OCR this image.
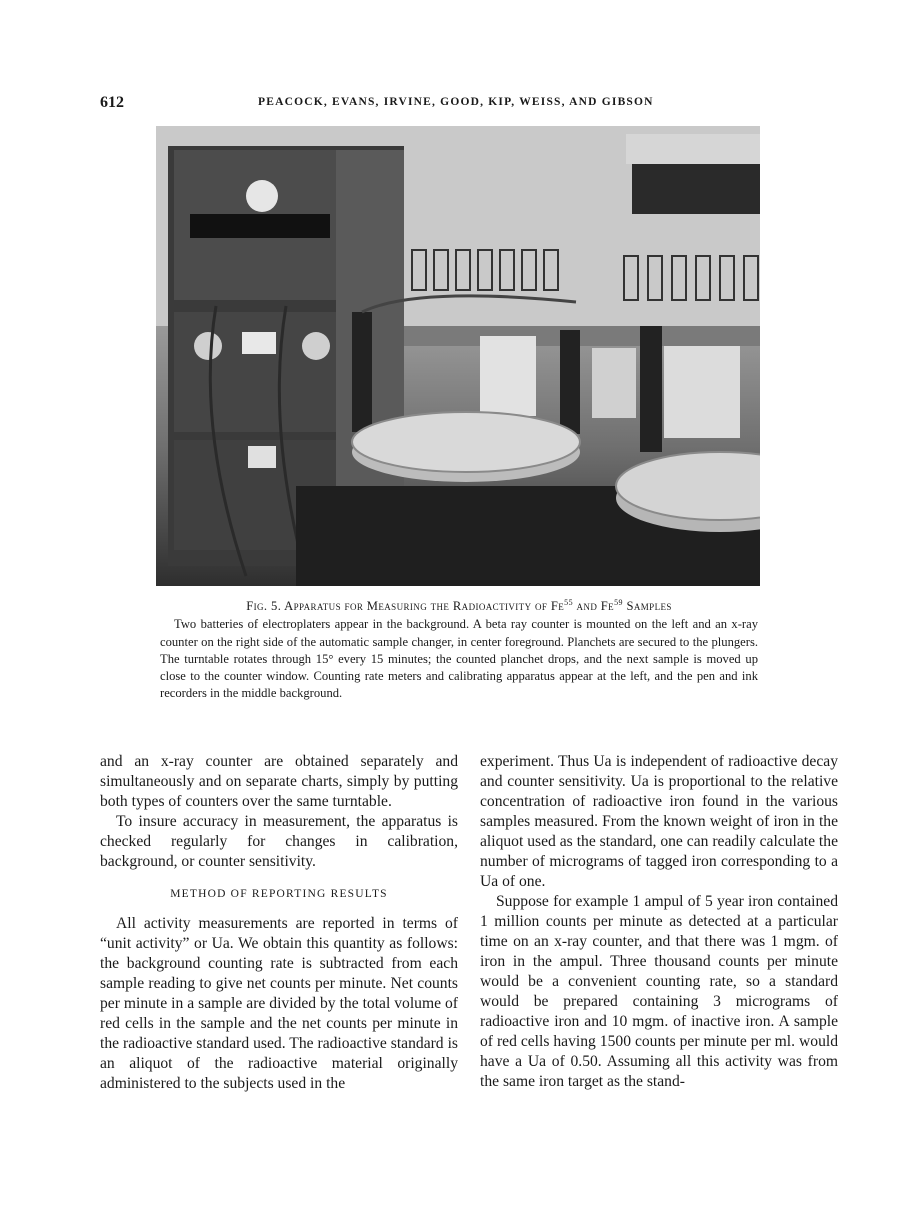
612	PEACOCK, EVANS, IRVINE, GOOD, KIP, WEISS, AND GIBSON
Fig. 5. Apparatus for Measuring the Radioactivity of Fe$^{55}$ and Fe$^{59}$ Samples
Two batteries of electroplaters appear in the background. A beta ray counter is mounted on the left and an x-ray counter on the right side of the automatic sample changer, in center foreground. Planchets are secured to the plungers. The turntable rotates through 15° every 15 minutes; the counted planchet drops, and the next sample is moved up close to the counter window. Counting rate meters and calibrating apparatus appear at the left, and the pen and ink recorders in the middle background.

and an x-ray counter are obtained separately and simultaneously and on separate charts, simply by putting both types of counters over the same turntable.

To insure accuracy in measurement, the apparatus is checked regularly for changes in calibration, background, or counter sensitivity.

METHOD OF REPORTING RESULTS

All activity measurements are reported in terms of “unit activity” or Ua. We obtain this quantity as follows: the background counting rate is subtracted from each sample reading to give net counts per minute. Net counts per minute in a sample are divided by the total volume of red cells in the sample and the net counts per minute in the radioactive standard used. The radioactive standard is an aliquot of the radioactive material originally administered to the subjects used in the

experiment. Thus Ua is independent of radioactive decay and counter sensitivity. Ua is proportional to the relative concentration of radioactive iron found in the various samples measured. From the known weight of iron in the aliquot used as the standard, one can readily calculate the number of micrograms of tagged iron corresponding to a Ua of one.

Suppose for example 1 ampul of 5 year iron contained 1 million counts per minute as detected at a particular time on an x-ray counter, and that there was 1 mgm. of iron in the ampul. Three thousand counts per minute would be a convenient counting rate, so a standard would be prepared containing 3 micrograms of radioactive iron and 10 mgm. of inactive iron. A sample of red cells having 1500 counts per minute per ml. would have a Ua of 0.50. Assuming all this activity was from the same iron target as the stand-
